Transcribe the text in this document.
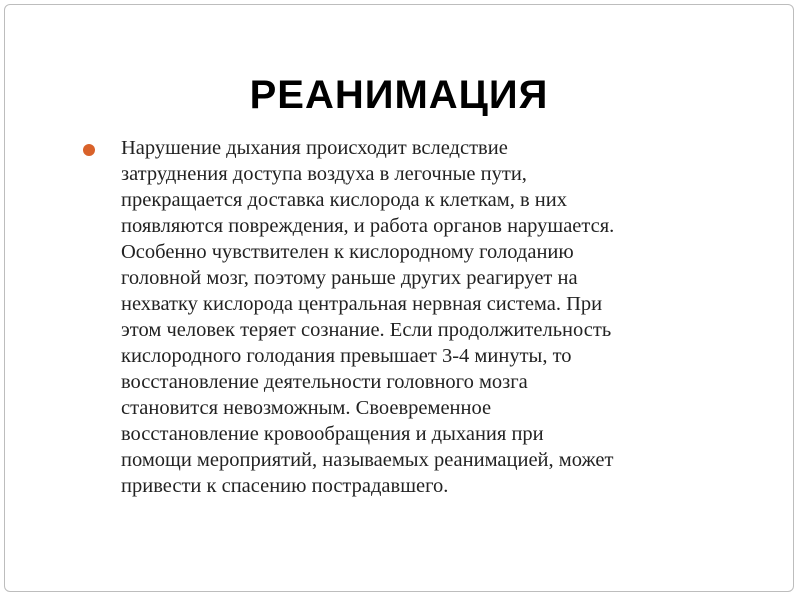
РЕАНИМАЦИЯ
Нарушение дыхания происходит вследствие
затруднения доступа воздуха в легочные пути,
прекращается доставка кислорода к клеткам, в них
появляются повреждения, и работа органов нарушается.
Особенно чувствителен к кислородному голоданию
головной мозг, поэтому раньше других реагирует на
нехватку кислорода центральная нервная система. При
этом человек теряет сознание. Если продолжительность
кислородного голодания превышает 3-4 минуты, то
восстановление деятельности головного мозга
становится невозможным. Своевременное
восстановление кровообращения и дыхания при
помощи мероприятий, называемых реанимацией, может
привести к спасению пострадавшего.
